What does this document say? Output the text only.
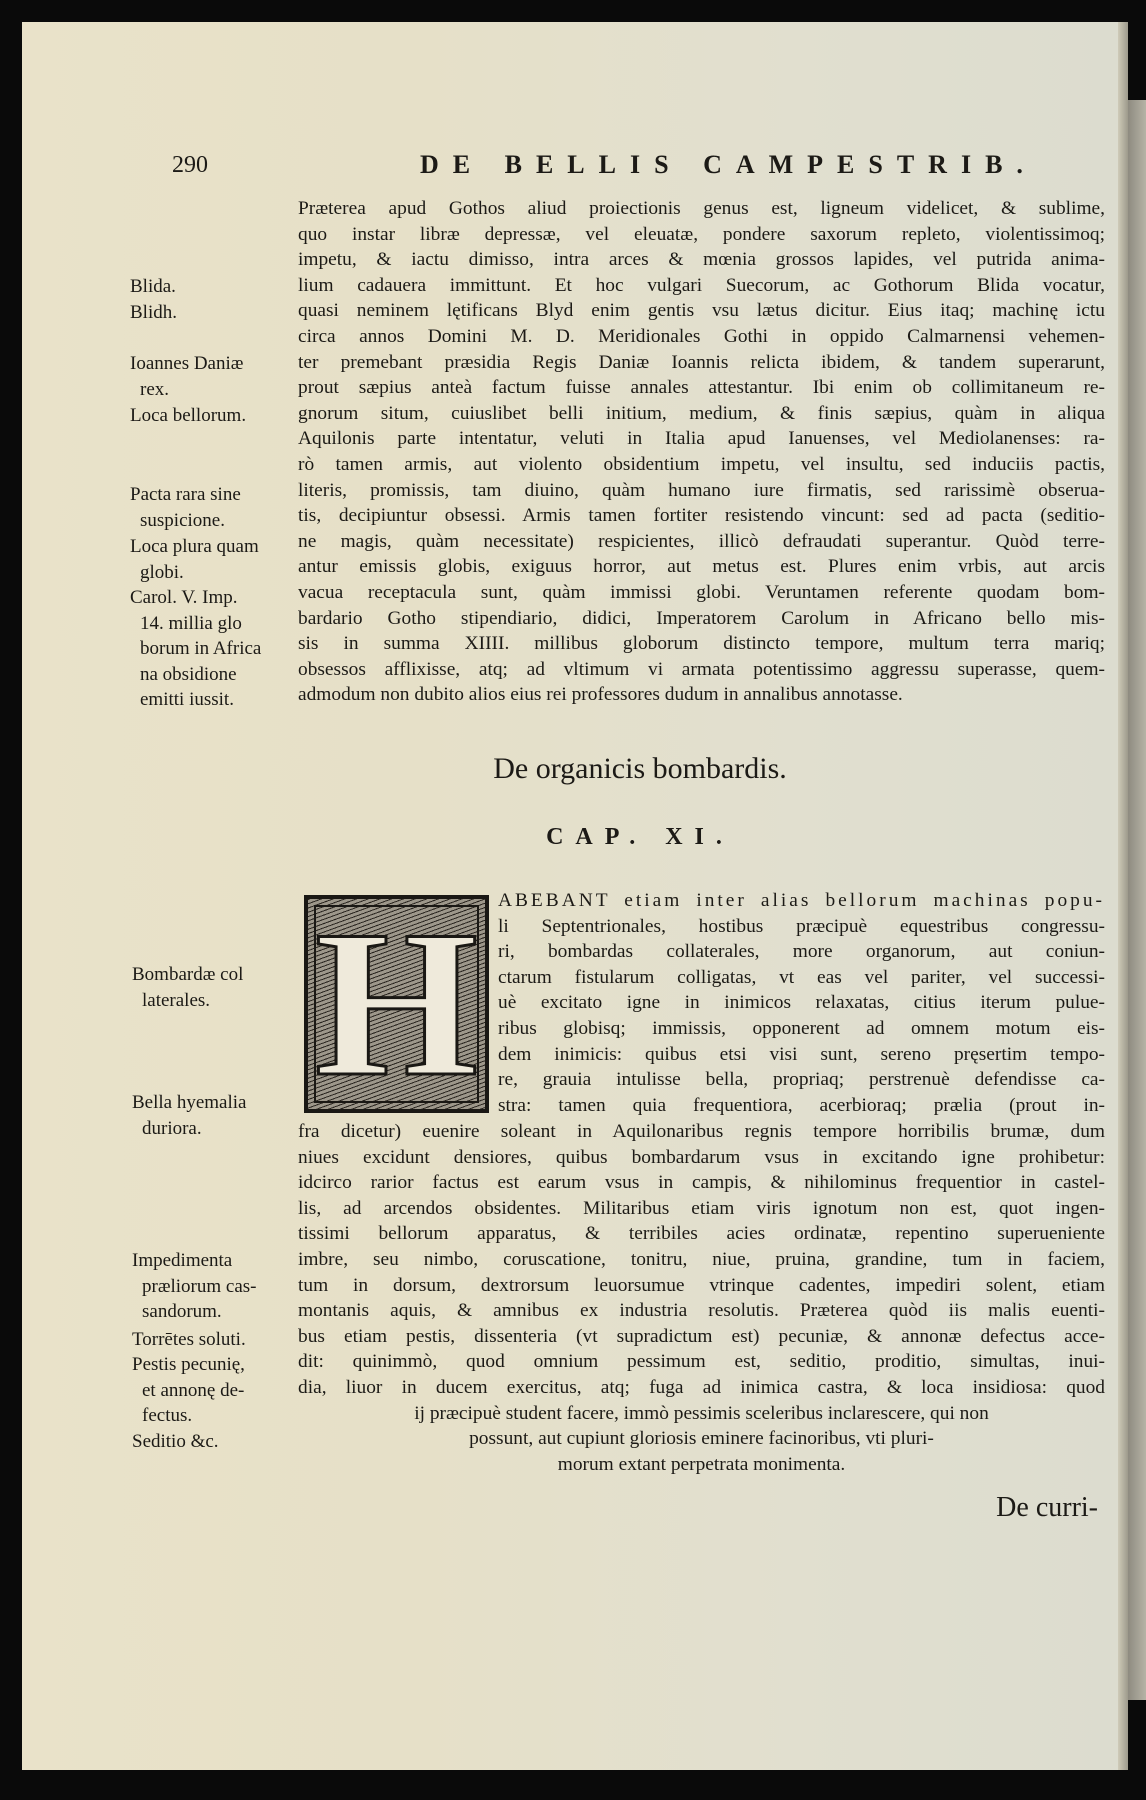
290	DE BELLIS CAMPESTRIB.
Præterea apud Gothos aliud proiectionis genus est, ligneum videlicet, & sublime,
quo instar libræ depressæ, vel eleuatæ, pondere saxorum repleto, violentissimoq;
impetu, & iactu dimisso, intra arces & mœnia grossos lapides, vel putrida anima-
lium cadauera immittunt. Et hoc vulgari Suecorum, ac Gothorum Blida vocatur,
quasi neminem lętificans Blyd enim gentis vsu lætus dicitur. Eius itaq; machinę ictu
circa annos Domini M. D. Meridionales Gothi in oppido Calmarnensi vehemen-
ter premebant præsidia Regis Daniæ Ioannis relicta ibidem, & tandem superarunt,
prout sæpius anteà factum fuisse annales attestantur. Ibi enim ob collimitaneum re-
gnorum situm, cuiuslibet belli initium, medium, & finis sæpius, quàm in aliqua
Aquilonis parte intentatur, veluti in Italia apud Ianuenses, vel Mediolanenses: ra-
rò tamen armis, aut violento obsidentium impetu, vel insultu, sed induciis pactis,
literis, promissis, tam diuino, quàm humano iure firmatis, sed rarissimè obserua-
tis, decipiuntur obsessi. Armis tamen fortiter resistendo vincunt: sed ad pacta (seditio-
ne magis, quàm necessitate) respicientes, illicò defraudati superantur. Quòd terre-
antur emissis globis, exiguus horror, aut metus est. Plures enim vrbis, aut arcis
vacua receptacula sunt, quàm immissi globi. Veruntamen referente quodam bom-
bardario Gotho stipendiario, didici, Imperatorem Carolum in Africano bello mis-
sis in summa XIIII. millibus globorum distincto tempore, multum terra mariq;
obsessos afflixisse, atq; ad vltimum vi armata potentissimo aggressu superasse, quem-
admodum non dubito alios eius rei professores dudum in annalibus annotasse.
Blida.
Blidh.
Ioannes Daniæ
rex.
Loca bellorum.
Pacta rara sine
suspicione.
Loca plura quam
globi.
Carol. V. Imp.
14. millia glo
borum in Africa
na obsidione
emitti iussit.
De organicis bombardis.
CAP. XI.
H ABEBANT etiam inter alias bellorum machinas popu-
li Septentrionales, hostibus præcipuè equestribus congressu-
ri, bombardas collaterales, more organorum, aut coniun-
ctarum fistularum colligatas, vt eas vel pariter, vel successi-
uè excitato igne in inimicos relaxatas, citius iterum pulue-
ribus globisq; immissis, opponerent ad omnem motum eis-
dem inimicis: quibus etsi visi sunt, sereno pręsertim tempo-
re, grauia intulisse bella, propriaq; perstrenuè defendisse ca-
stra: tamen quia frequentiora, acerbioraq; prælia (prout in-
fra dicetur) euenire soleant in Aquilonaribus regnis tempore horribilis brumæ, dum
niues excidunt densiores, quibus bombardarum vsus in excitando igne prohibetur:
idcirco rarior factus est earum vsus in campis, & nihilominus frequentior in castel-
lis, ad arcendos obsidentes. Militaribus etiam viris ignotum non est, quot ingen-
tissimi bellorum apparatus, & terribiles acies ordinatæ, repentino superueniente
imbre, seu nimbo, coruscatione, tonitru, niue, pruina, grandine, tum in faciem,
tum in dorsum, dextrorsum leuorsumue vtrinque cadentes, impediri solent, etiam
montanis aquis, & amnibus ex industria resolutis. Præterea quòd iis malis euenti-
bus etiam pestis, dissenteria (vt supradictum est) pecuniæ, & annonæ defectus acce-
dit: quinimmò, quod omnium pessimum est, seditio, proditio, simultas, inui-
dia, liuor in ducem exercitus, atq; fuga ad inimica castra, & loca insidiosa: quod
ij præcipuè student facere, immò pessimis sceleribus inclarescere, qui non
possunt, aut cupiunt gloriosis eminere facinoribus, vti pluri-
morum extant perpetrata monimenta.
Bombardæ col
laterales.
Bella hyemalia
duriora.
Impedimenta
præliorum cas-
sandorum.
Torrētes soluti.
Pestis pecunię,
et annonę de-
fectus.
Seditio &c.
De curri-
